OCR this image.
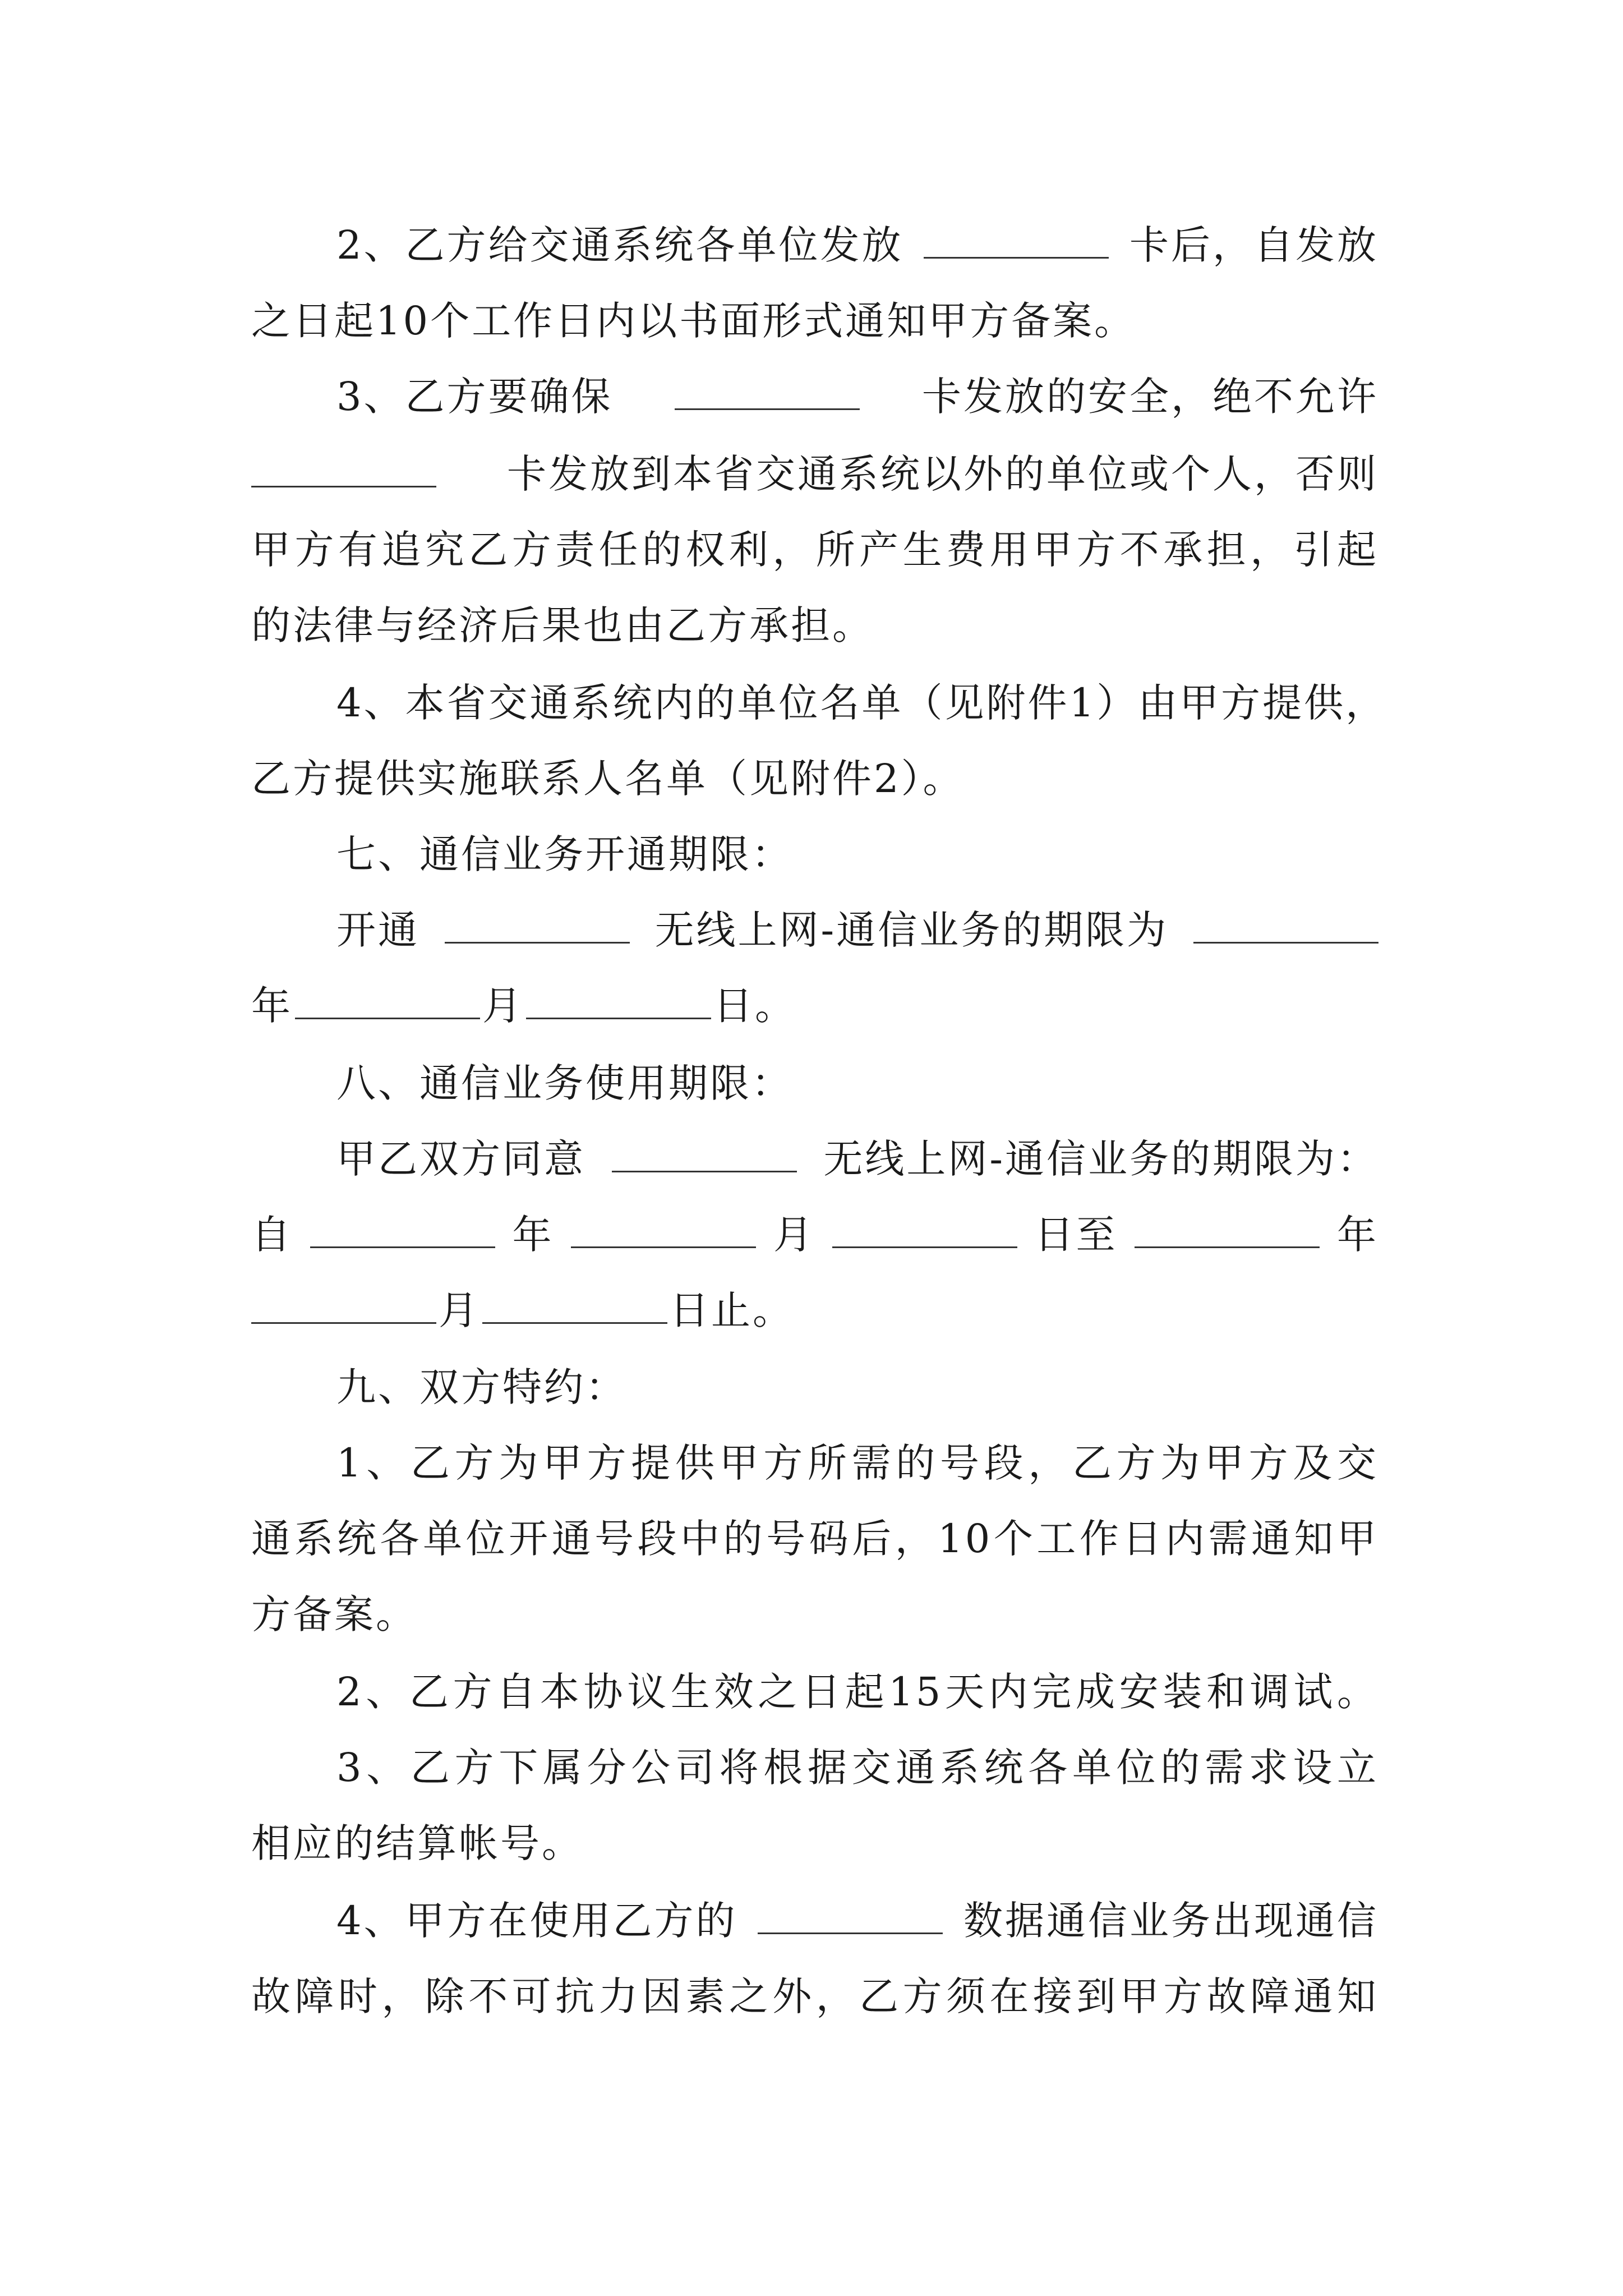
2、乙方给交通系统各单位发放	卡后，自发放
之日起10个工作日内以书面形式通知甲方备案。
3、乙方要确保	卡发放的安全，绝不允许
卡发放到本省交通系统以外的单位或个人，否则
甲方有追究乙方责任的权利，所产生费用甲方不承担，引起
的法律与经济后果也由乙方承担。
4、本省交通系统内的单位名单（见附件1）由甲方提供，
乙方提供实施联系人名单（见附件2）。
七、通信业务开通期限：
开通	无线上网-通信业务的期限为
年	月	日。
八、通信业务使用期限：
甲乙双方同意	无线上网-通信业务的期限为：
自	年	月	日至	年
月	日止。
九、双方特约：
1、乙方为甲方提供甲方所需的号段，乙方为甲方及交
通系统各单位开通号段中的号码后，10个工作日内需通知甲
方备案。
2、乙方自本协议生效之日起15天内完成安装和调试。
3、乙方下属分公司将根据交通系统各单位的需求设立
相应的结算帐号。
4、甲方在使用乙方的	数据通信业务出现通信
故障时，除不可抗力因素之外，乙方须在接到甲方故障通知
